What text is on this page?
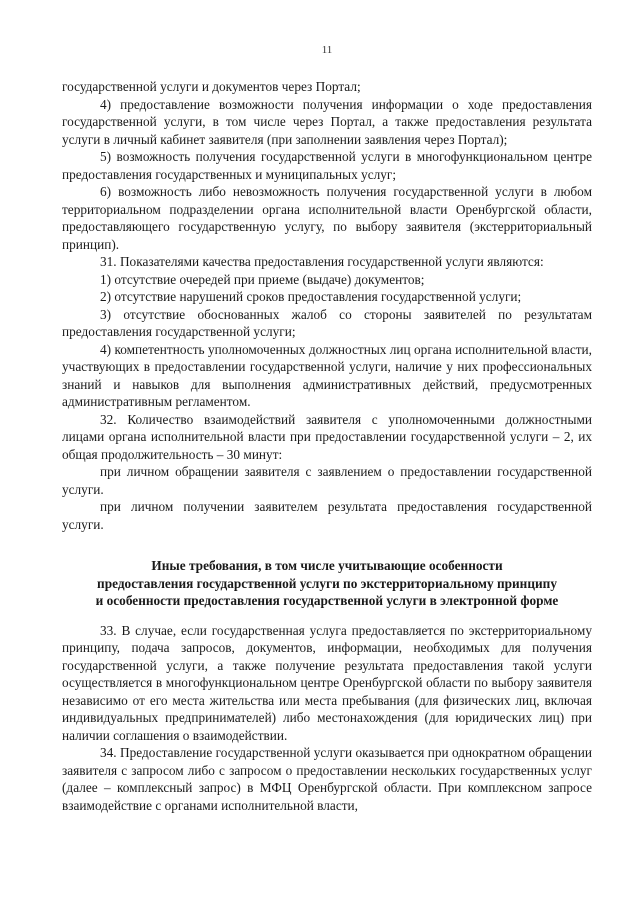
11

государственной услуги и документов через Портал;

4) предоставление возможности получения информации о ходе предоставления государственной услуги, в том числе через Портал, а также предоставления результата услуги в личный кабинет заявителя (при заполнении заявления через Портал);

5) возможность получения государственной услуги в многофункциональном центре предоставления государственных и муниципальных услуг;

6) возможность либо невозможность получения государственной услуги в любом территориальном подразделении органа исполнительной власти Оренбургской области, предоставляющего государственную услугу, по выбору заявителя (экстерриториальный принцип).

31. Показателями качества предоставления государственной услуги являются:

1) отсутствие очередей при приеме (выдаче) документов;

2) отсутствие нарушений сроков предоставления государственной услуги;

3) отсутствие обоснованных жалоб со стороны заявителей по результатам предоставления государственной услуги;

4) компетентность уполномоченных должностных лиц органа исполнительной власти, участвующих в предоставлении государственной услуги, наличие у них профессиональных знаний и навыков для выполнения административных действий, предусмотренных административным регламентом.

32. Количество взаимодействий заявителя с уполномоченными должностными лицами органа исполнительной власти при предоставлении государственной услуги – 2, их общая продолжительность – 30 минут:

при личном обращении заявителя с заявлением о предоставлении государственной услуги.

при личном получении заявителем результата предоставления государственной услуги.

Иные требования, в том числе учитывающие особенности
предоставления государственной услуги по экстерриториальному принципу
и особенности предоставления государственной услуги в электронной форме

33. В случае, если государственная услуга предоставляется по экстерриториальному принципу, подача запросов, документов, информации, необходимых для получения государственной услуги, а также получение результата предоставления такой услуги осуществляется в многофункциональном центре Оренбургской области по выбору заявителя независимо от его места жительства или места пребывания (для физических лиц, включая индивидуальных предпринимателей) либо местонахождения (для юридических лиц) при наличии соглашения о взаимодействии.

34. Предоставление государственной услуги оказывается при однократном обращении заявителя с запросом либо с запросом о предоставлении нескольких государственных услуг (далее – комплексный запрос) в МФЦ Оренбургской области. При комплексном запросе взаимодействие с органами исполнительной власти,
